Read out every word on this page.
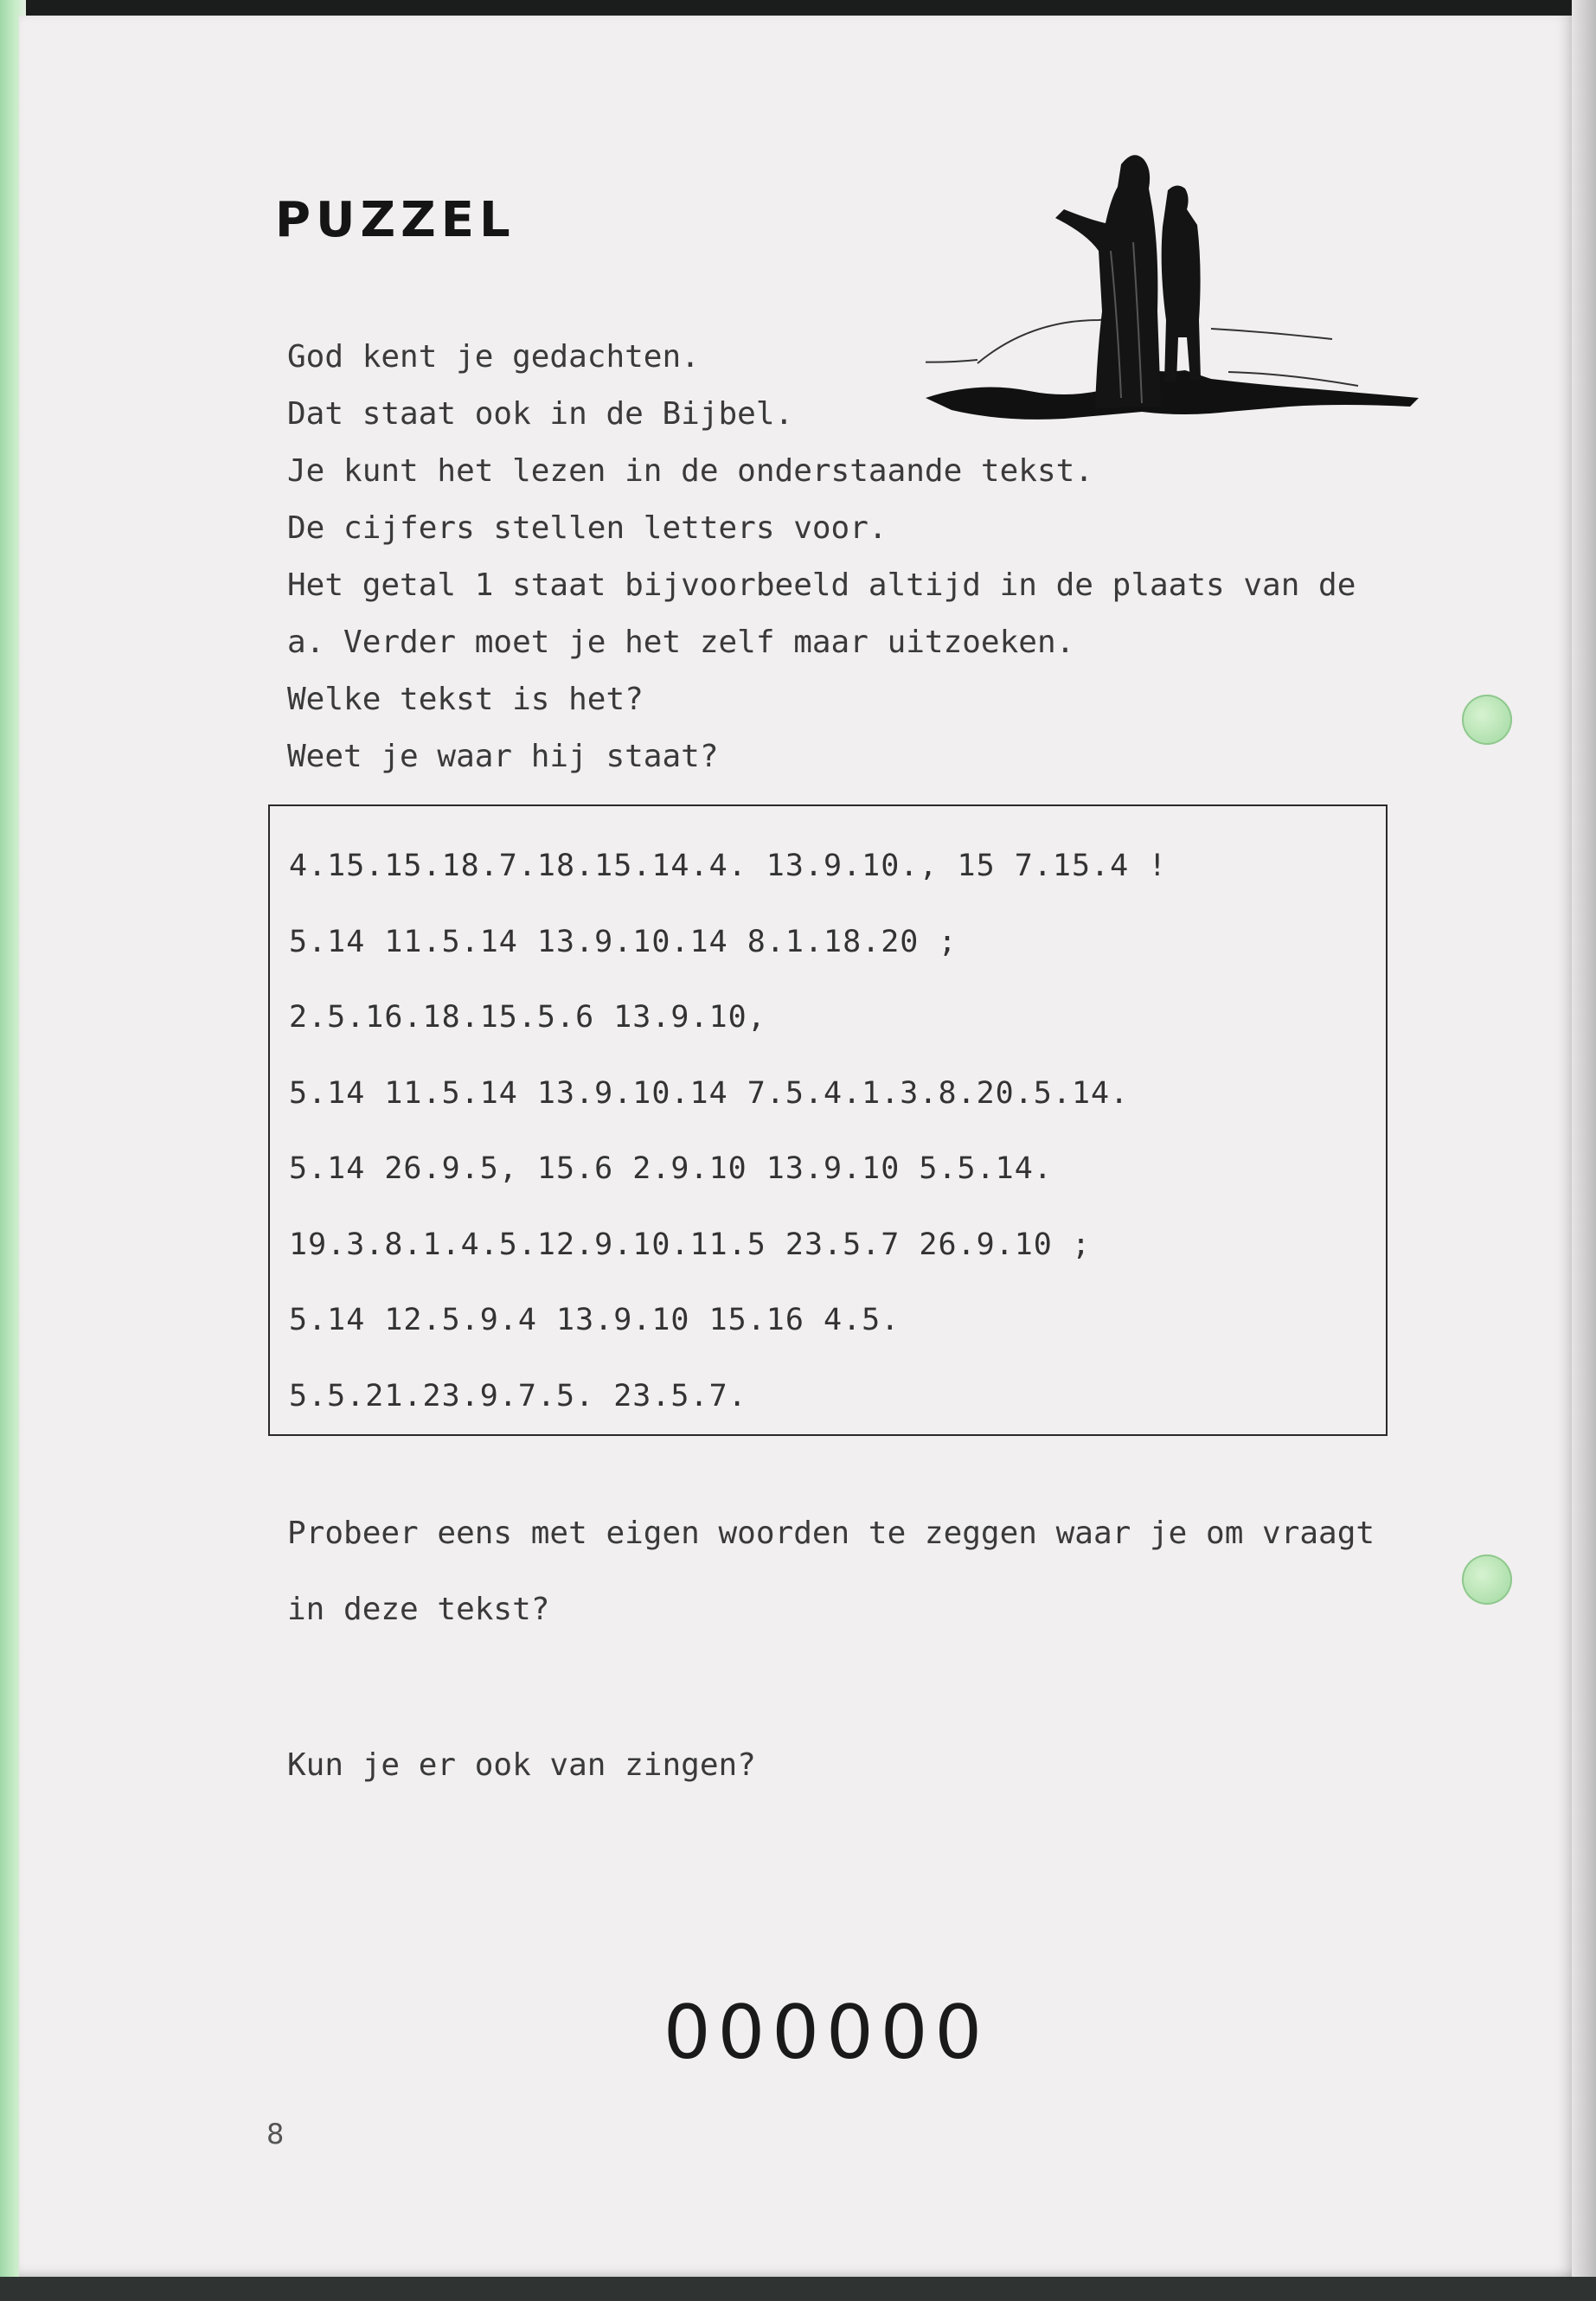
PUZZEL
God kent je gedachten.
Dat staat ook in de Bijbel.
Je kunt het lezen in de onderstaande tekst.
De cijfers stellen letters voor.
Het getal 1 staat bijvoorbeeld altijd in de plaats van de
a. Verder moet je het zelf maar uitzoeken.
Welke tekst is het?
Weet je waar hij staat?
4.15.15.18.7.18.15.14.4. 13.9.10., 15 7.15.4 !
5.14 11.5.14 13.9.10.14 8.1.18.20 ;
2.5.16.18.15.5.6 13.9.10,
5.14 11.5.14 13.9.10.14 7.5.4.1.3.8.20.5.14.
5.14 26.9.5, 15.6 2.9.10 13.9.10 5.5.14.
19.3.8.1.4.5.12.9.10.11.5 23.5.7 26.9.10 ;
5.14 12.5.9.4 13.9.10 15.16 4.5.
5.5.21.23.9.7.5. 23.5.7.
Probeer eens met eigen woorden te zeggen waar je om vraagt
in deze tekst?
Kun je er ook van zingen?
000000
8
